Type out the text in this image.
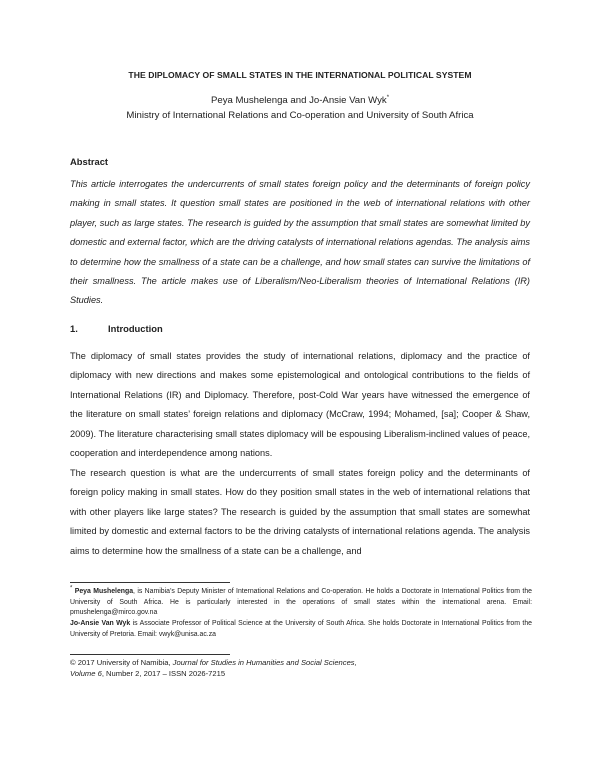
THE DIPLOMACY OF SMALL STATES IN THE INTERNATIONAL POLITICAL SYSTEM
Peya Mushelenga and Jo-Ansie Van Wyk*
Ministry of International Relations and Co-operation and University of South Africa
Abstract

This article interrogates the undercurrents of small states foreign policy and the determinants of foreign policy making in small states. It question small states are positioned in the web of international relations with other player, such as large states. The research is guided by the assumption that small states are somewhat limited by domestic and external factor, which are the driving catalysts of international relations agendas. The analysis aims to determine how the smallness of a state can be a challenge, and how small states can survive the limitations of their smallness. The article makes use of Liberalism/Neo-Liberalism theories of International Relations (IR) Studies.

1.	Introduction

The diplomacy of small states provides the study of international relations, diplomacy and the practice of diplomacy with new directions and makes some epistemological and ontological contributions to the fields of International Relations (IR) and Diplomacy. Therefore, post-Cold War years have witnessed the emergence of the literature on small states’ foreign relations and diplomacy (McCraw, 1994; Mohamed, [sa]; Cooper & Shaw, 2009). The literature characterising small states diplomacy will be espousing Liberalism-inclined values of peace, cooperation and interdependence among nations.

The research question is what are the undercurrents of small states foreign policy and the determinants of foreign policy making in small states. How do they position small states in the web of international relations that with other players like large states? The research is guided by the assumption that small states are somewhat limited by domestic and external factors to be the driving catalysts of international relations agenda. The analysis aims to determine how the smallness of a state can be a challenge, and

* Peya Mushelenga, is Namibia’s Deputy Minister of International Relations and Co-operation. He holds a Doctorate in International Politics from the University of South Africa. He is particularly interested in the operations of small states within the international arena. Email: pmushelenga@mirco.gov.na

Jo-Ansie Van Wyk is Associate Professor of Political Science at the University of South Africa. She holds Doctorate in International Politics from the University of Pretoria. Email: vwyk@unisa.ac.za

© 2017 University of Namibia, Journal for Studies in Humanities and Social Sciences,
Volume 6, Number 2, 2017 – ISSN 2026-7215
